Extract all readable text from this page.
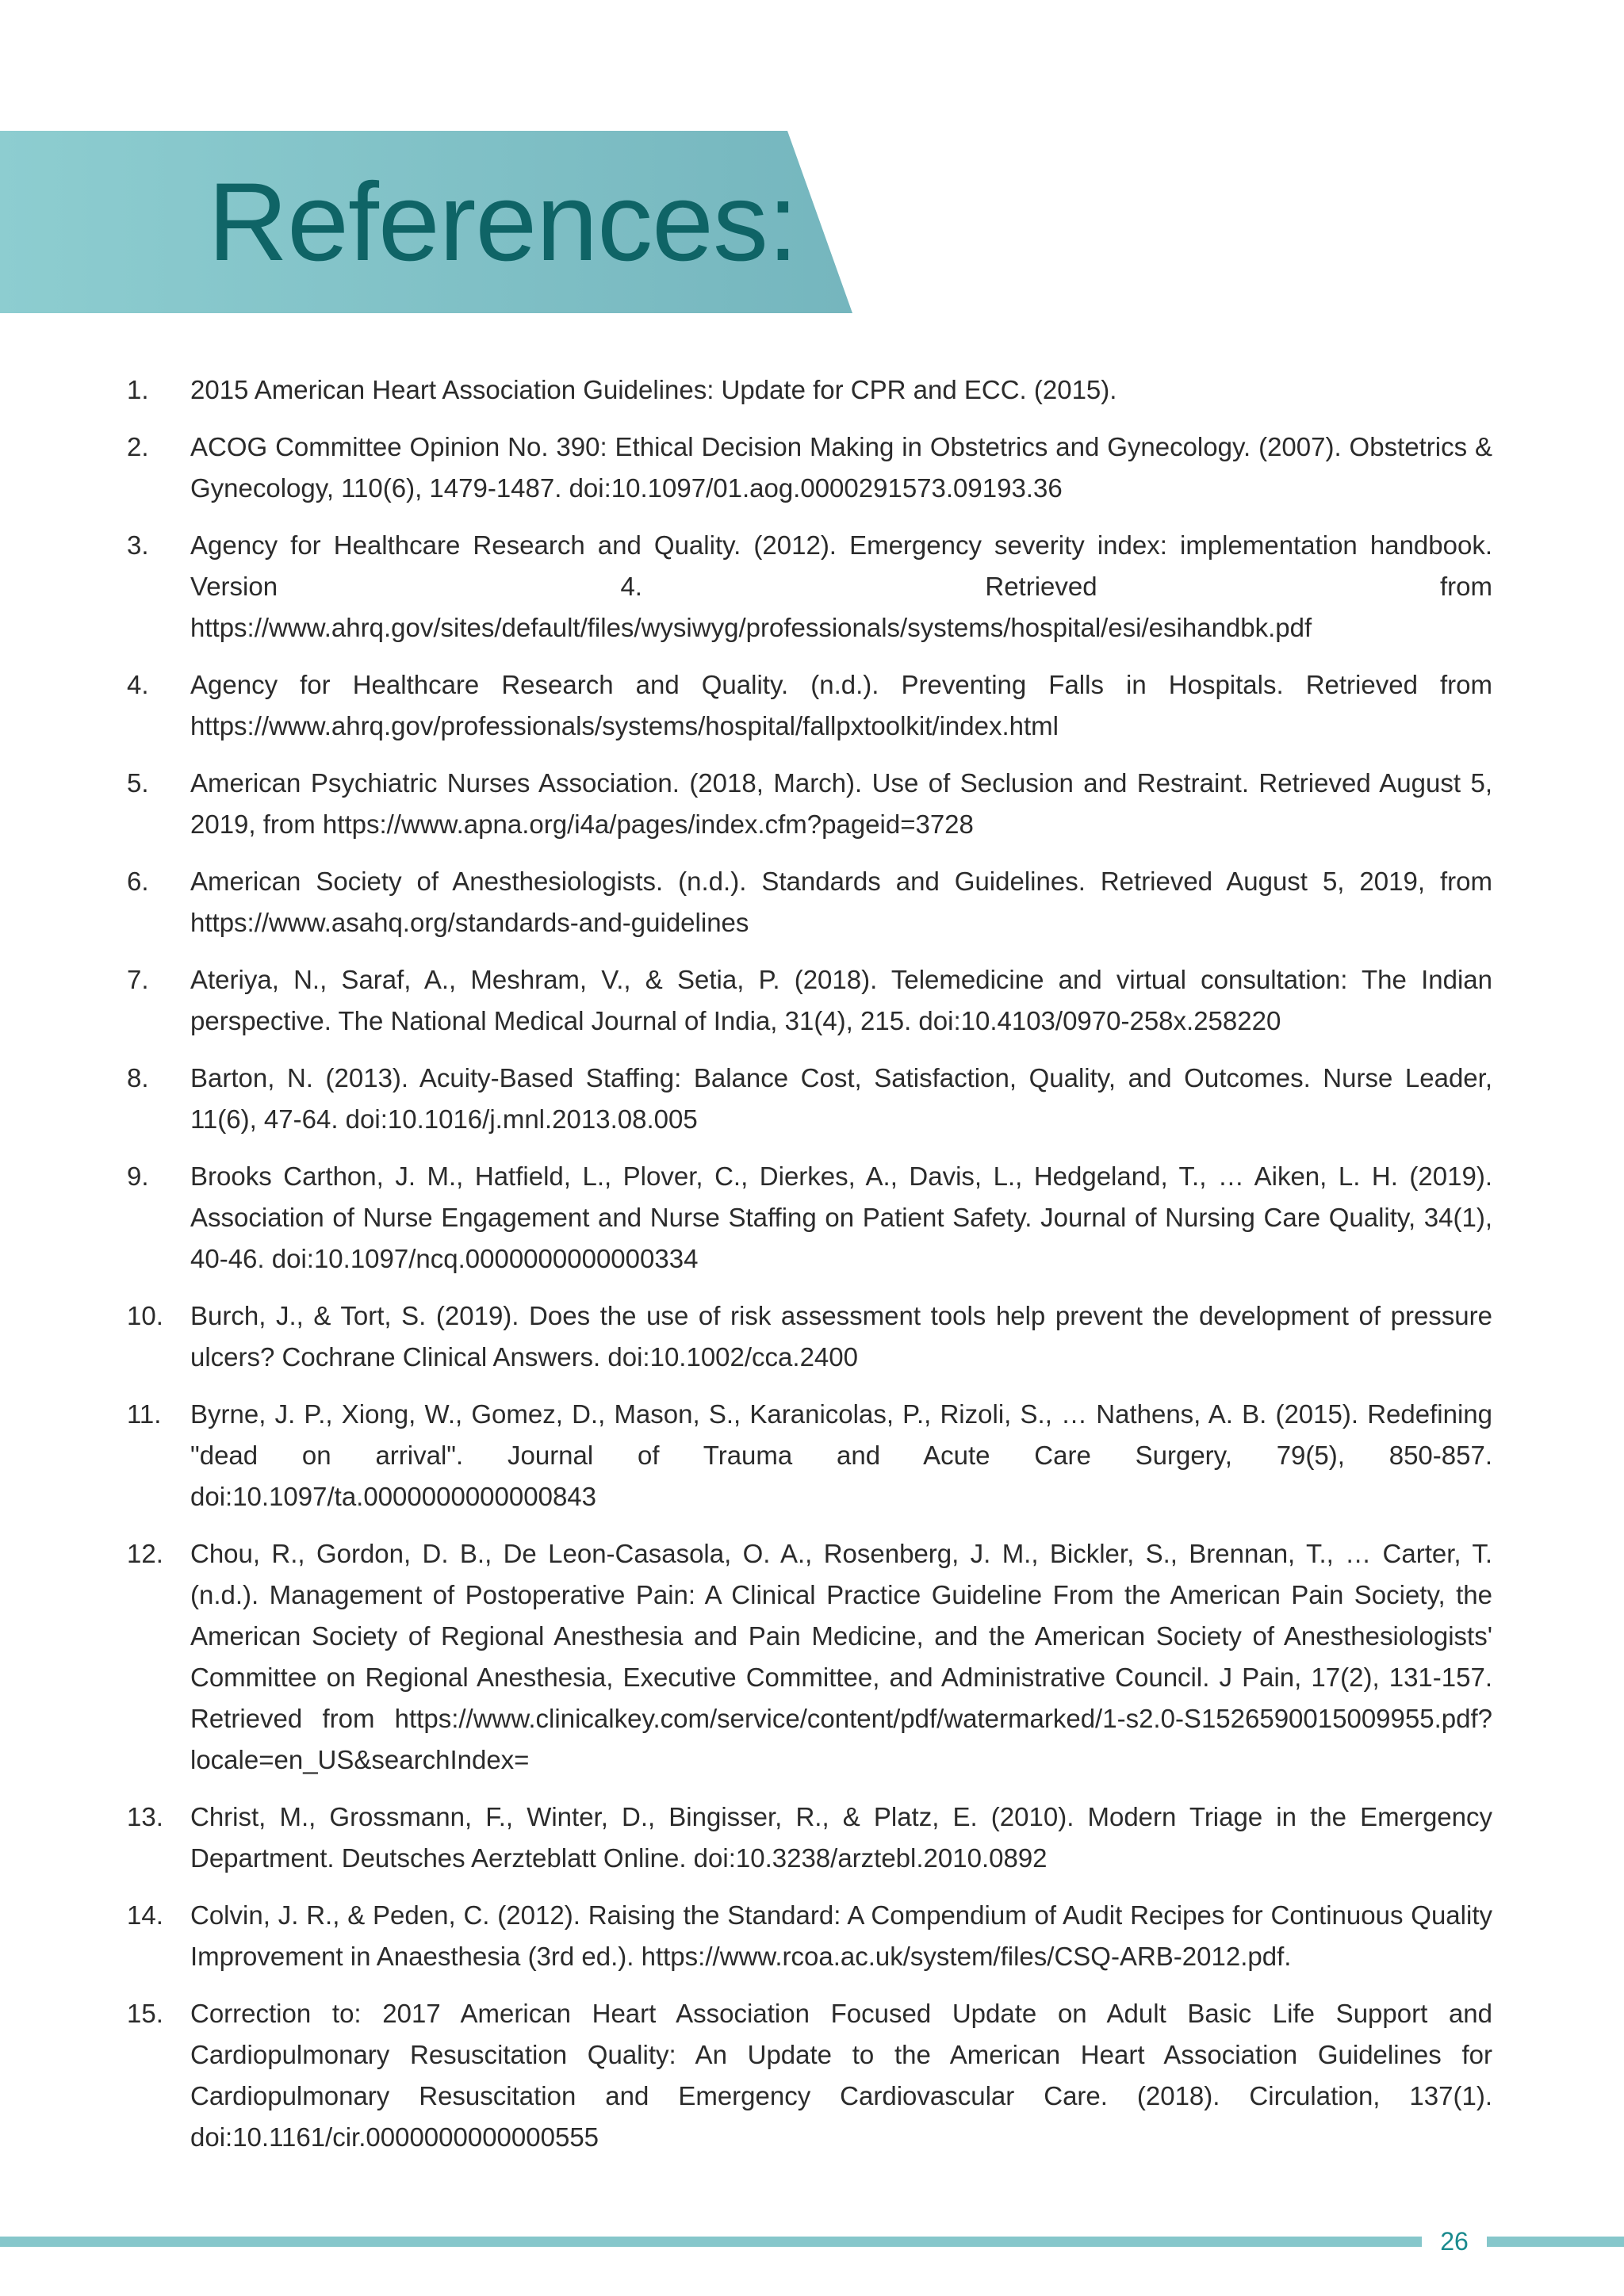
References:
1. 2015 American Heart Association Guidelines: Update for CPR and ECC. (2015).
2. ACOG Committee Opinion No. 390: Ethical Decision Making in Obstetrics and Gynecology. (2007). Obstetrics & Gynecology, 110(6), 1479-1487. doi:10.1097/01.aog.0000291573.09193.36
3. Agency for Healthcare Research and Quality. (2012). Emergency severity index: implementation handbook. Version 4. Retrieved from https://www.ahrq.gov/sites/default/files/wysiwyg/professionals/systems/hospital/esi/esihandbk.pdf
4. Agency for Healthcare Research and Quality. (n.d.). Preventing Falls in Hospitals. Retrieved from https://www.ahrq.gov/professionals/systems/hospital/fallpxtoolkit/index.html
5. American Psychiatric Nurses Association. (2018, March). Use of Seclusion and Restraint. Retrieved August 5, 2019, from https://www.apna.org/i4a/pages/index.cfm?pageid=3728
6. American Society of Anesthesiologists. (n.d.). Standards and Guidelines. Retrieved August 5, 2019, from https://www.asahq.org/standards-and-guidelines
7. Ateriya, N., Saraf, A., Meshram, V., & Setia, P. (2018). Telemedicine and virtual consultation: The Indian perspective. The National Medical Journal of India, 31(4), 215. doi:10.4103/0970-258x.258220
8. Barton, N. (2013). Acuity-Based Staffing: Balance Cost, Satisfaction, Quality, and Outcomes. Nurse Leader, 11(6), 47-64. doi:10.1016/j.mnl.2013.08.005
9. Brooks Carthon, J. M., Hatfield, L., Plover, C., Dierkes, A., Davis, L., Hedgeland, T., … Aiken, L. H. (2019). Association of Nurse Engagement and Nurse Staffing on Patient Safety. Journal of Nursing Care Quality, 34(1), 40-46. doi:10.1097/ncq.0000000000000334
10. Burch, J., & Tort, S. (2019). Does the use of risk assessment tools help prevent the development of pressure ulcers? Cochrane Clinical Answers. doi:10.1002/cca.2400
11. Byrne, J. P., Xiong, W., Gomez, D., Mason, S., Karanicolas, P., Rizoli, S., … Nathens, A. B. (2015). Redefining "dead on arrival". Journal of Trauma and Acute Care Surgery, 79(5), 850-857. doi:10.1097/ta.0000000000000843
12. Chou, R., Gordon, D. B., De Leon-Casasola, O. A., Rosenberg, J. M., Bickler, S., Brennan, T., … Carter, T. (n.d.). Management of Postoperative Pain: A Clinical Practice Guideline From the American Pain Society, the American Society of Regional Anesthesia and Pain Medicine, and the American Society of Anesthesiologists' Committee on Regional Anesthesia, Executive Committee, and Administrative Council. J Pain, 17(2), 131-157. Retrieved from https://www.clinicalkey.com/service/content/pdf/watermarked/1-s2.0-S1526590015009955.pdf?locale=en_US&searchIndex=
13. Christ, M., Grossmann, F., Winter, D., Bingisser, R., & Platz, E. (2010). Modern Triage in the Emergency Department. Deutsches Aerzteblatt Online. doi:10.3238/arztebl.2010.0892
14. Colvin, J. R., & Peden, C. (2012). Raising the Standard: A Compendium of Audit Recipes for Continuous Quality Improvement in Anaesthesia (3rd ed.). https://www.rcoa.ac.uk/system/files/CSQ-ARB-2012.pdf.
15. Correction to: 2017 American Heart Association Focused Update on Adult Basic Life Support and Cardiopulmonary Resuscitation Quality: An Update to the American Heart Association Guidelines for Cardiopulmonary Resuscitation and Emergency Cardiovascular Care. (2018). Circulation, 137(1). doi:10.1161/cir.0000000000000555
26
